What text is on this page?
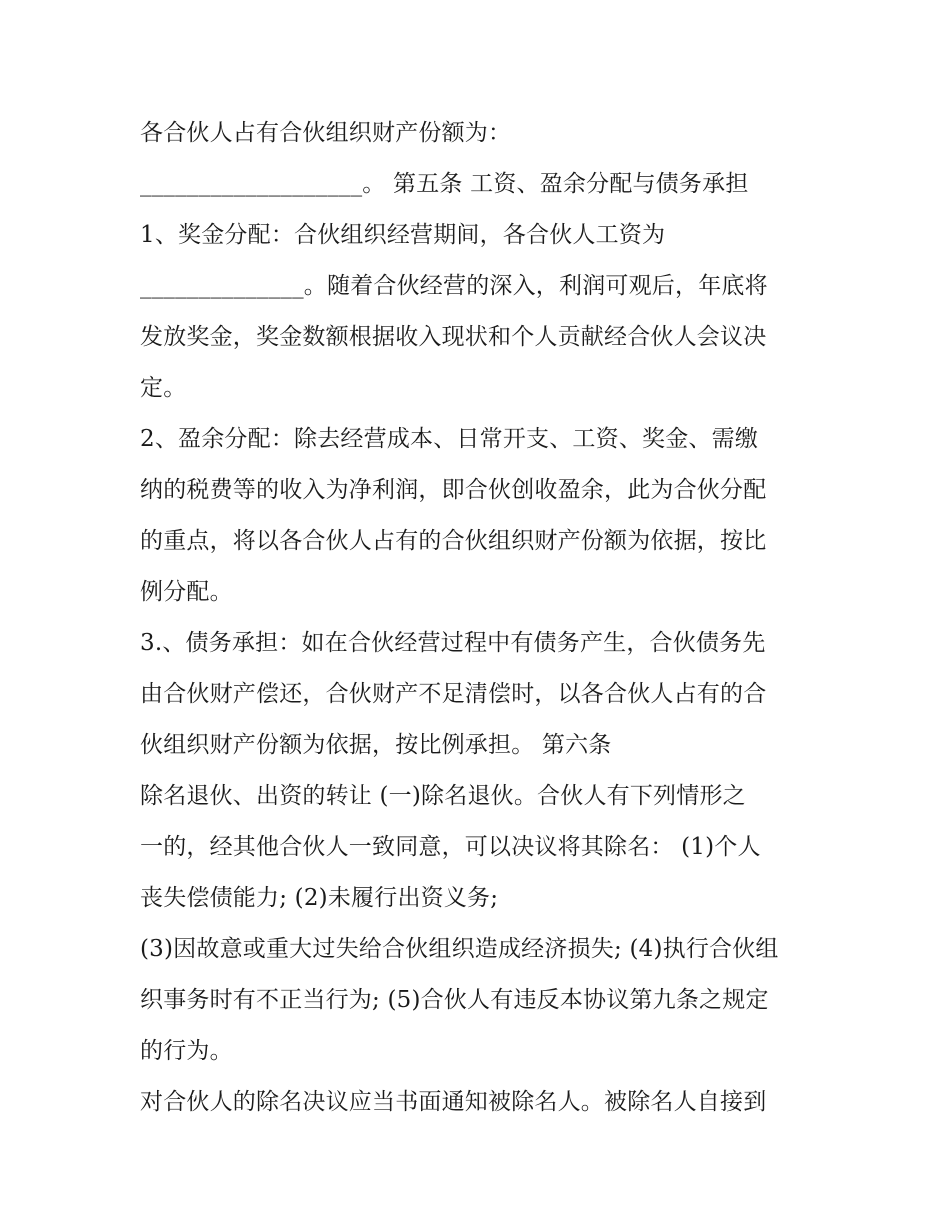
各合伙人占有合伙组织财产份额为：
___________________。 第五条 工资、盈余分配与债务承担
1、奖金分配：合伙组织经营期间，各合伙人工资为
______________。随着合伙经营的深入，利润可观后，年底将
发放奖金，奖金数额根据收入现状和个人贡献经合伙人会议决
定。
2、盈余分配：除去经营成本、日常开支、工资、奖金、需缴
纳的税费等的收入为净利润，即合伙创收盈余，此为合伙分配
的重点，将以各合伙人占有的合伙组织财产份额为依据，按比
例分配。
3.、债务承担：如在合伙经营过程中有债务产生，合伙债务先
由合伙财产偿还，合伙财产不足清偿时，以各合伙人占有的合
伙组织财产份额为依据，按比例承担。 第六条
除名退伙、出资的转让 (一)除名退伙。合伙人有下列情形之
一的，经其他合伙人一致同意，可以决议将其除名： (1)个人
丧失偿债能力; (2)未履行出资义务;
(3)因故意或重大过失给合伙组织造成经济损失; (4)执行合伙组
织事务时有不正当行为; (5)合伙人有违反本协议第九条之规定
的行为。
对合伙人的除名决议应当书面通知被除名人。被除名人自接到
